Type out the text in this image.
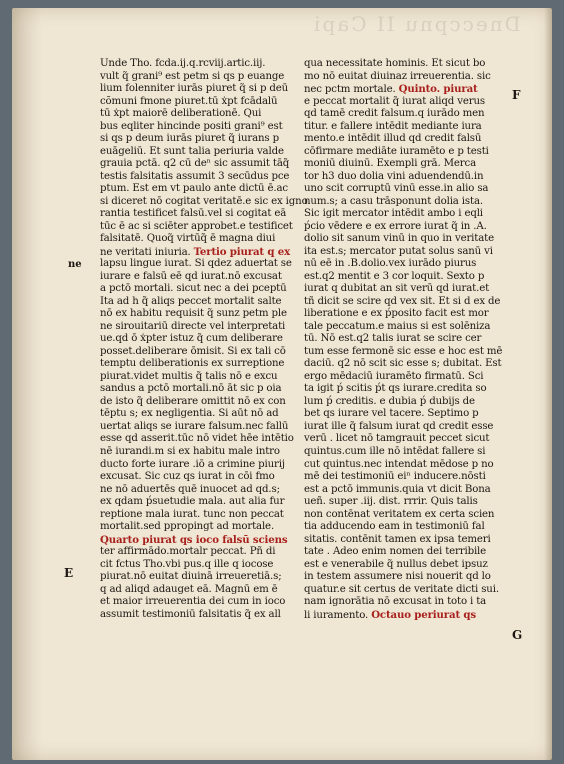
Dneccpnu II Capi
Unde Tho. fcda.ij.q.rcviij.artic.iij.
vult q̃ grani⁹ est petm si qs p euange
lium folenniter iurās piuret q̃ si p deū
cõmuni fmone piuret.tū ẋpt fcādalū
tū ẋpt maiorē deliberationē. Qui
bus eqliter hincinde positi grani⁹ est
si qs p deum iurās piuret q̃ iurans p
euāgeliū. Et sunt talia periuria valde
grauia pctā. q2 cū deⁿ sic assumit tāq̃
testis falsitatis assumit 3 secūdus pce
ptum. Est em vt paulo ante dictū ē.ac
si diceret nō cogitat veritatē.e sic ex igno
rantia testificet falsū.vel si cogitat eā
tūc ē ac si sciēter approbet.e testificet
falsitatē. Quoq̃ virtūq̃ ē magna diui
ne veritati iniuria. Tertio piurat q ex
lapsu lingue iurat. Si qdez aduertat se
iurare e falsū eē qd iurat.nō excusat
a pctō mortali. sicut nec a dei pceptū
Ita ad h q̃ aliqs peccet mortalit salte
nō ex habitu requisit q̃ sunz petm ple
ne sirouitariū directe vel interpretati
ue.qd ō ẋpter istuz q̃ cum deliberare
posset.deliberare ōmisit. Si ex tali cō
temptu deliberationis ex surreptione
piurat.videt multis q̃ talis nō e excu
sandus a pctō mortali.nō āt sic p oia
de isto q̃ deliberare omittit nō ex con
tēptu s; ex negligentia. Si aūt nō ad
uertat aliqs se iurare falsum.nec fallū
esse qd asserit.tūc nō videt hēe intētio
nē iurandi.m si ex habitu male intro
ducto forte iurare .iō a crimine piurij
excusat. Sic cuz qs iurat in cōi fmo
ne nō aduertēs quē inuocet ad qd.s;
ex qdam ṕsuetudie mala. aut alia fur
reptione mala iurat. tunc non peccat
mortalit.sed ppropingt ad mortale.
Quarto piurat qs ioco falsū sciens
ter affirmādo.mortalr peccat. Pñ di
cit fctus Tho.vbi pus.q ille q iocose
piurat.nō euitat diuinā irreueretiā.s;
q ad aliqd adauget eā. Magnū em ē
et maior irreuerentia dei cum in ioco
assumit testimoniū falsitatis q̃ ex all
qua necessitate hominis. Et sicut bo
mo nō euitat diuinaz irreuerentia. sic
nec pctm mortale. Quinto. piurat
e peccat mortalit q̃ iurat aliqd verus
qd tamē credit falsum.q iurādo men
titur. e fallere intēdit mediante iura
mento.e intēdit illud qd credit falsū
cōfirmare mediāte iuramēto e p testi
moniū diuinū. Exempli grā. Merca
tor h3 duo dolia vini aduendendū.in
uno scit corruptū vinū esse.in alio sa
num.s; a casu trāsponunt dolia ista.
Sic igit mercator intēdit ambo i eqli
ṕcio vēdere e ex errore iurat q̃ in .A.
dolio sit sanum vinū in quo in veritate
ita est.s; mercator putat solus sanū vi
nū eē in .B.dolio.vex iurādo piurus
est.q2 mentit e 3 cor loquit. Sexto p
iurat q dubitat an sit verū qd iurat.et
tñ dicit se scire qd vex sit. Et si d ex de
liberatione e ex ṕposito facit est mor
tale peccatum.e maius si est solēniza
tū. Nō est.q2 talis iurat se scire cer
tum esse fermonē sic esse e hoc est mē
daciū. q2 nō scit sic esse s; dubitat. Est
ergo mēdaciū iuramēto firmatū. Sci
ta igit ṕ scitis ṕt qs iurare.credita so
lum ṕ creditis. e dubia ṕ dubijs de
bet qs iurare vel tacere. Septimo p
iurat ille q̃ falsum iurat qd credit esse
verū . licet nō tamgrauit peccet sicut
quintus.cum ille nō intēdat fallere si
cut quintus.nec intendat mēdose p no
mē dei testimoniū eiⁿ inducere.nōsti
est a pctō immunis.quia vt dicit Bona
ueñ. super .iij. dist. rrrir. Quis talis
non contēnat veritatem ex certa scien
tia adducendo eam in testimoniū fal
sitatis. contēnit tamen ex ipsa temeri
tate . Adeo enim nomen dei terribile
est e venerabile q̃ nullus debet ipsuz
in testem assumere nisi nouerit qd lo
quatur.e sit certus de veritate dicti sui.
nam ignorātia nō excusat in toto i ta
li iuramento. Octauo periurat qs
ne
E
F
G
